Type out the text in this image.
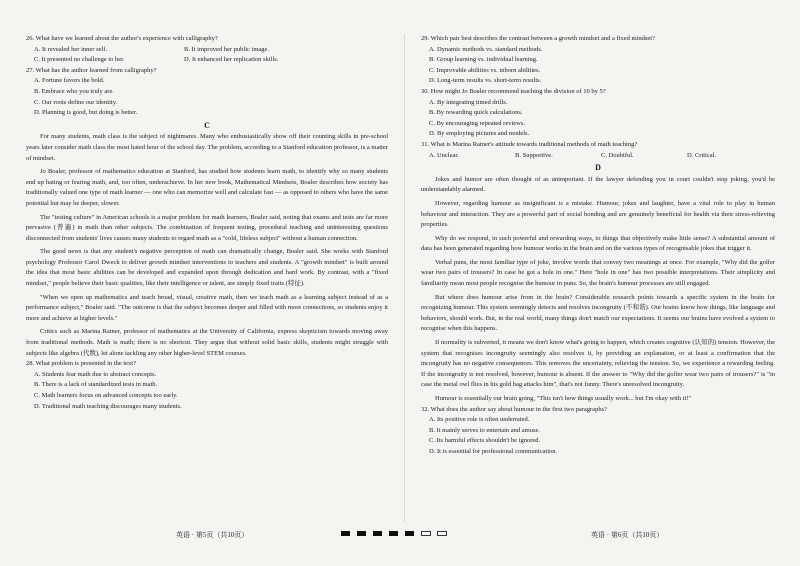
26. What have we learned about the author's experience with calligraphy?

A. It revealed her inner self.	B. It improved her public image.
C. It presented no challenge to her.	D. It enhanced her replication skills.

27. What has the author learned from calligraphy?

A. Fortune favors the bold.

B. Embrace who you truly are.

C. Our roots define our identity.

D. Planning is good, but doing is better.

C

For many students, math class is the subject of nightmares. Many who enthusiastically show off their counting skills in pre-school years later consider math class the most hated hour of the school day. The problem, according to a Stanford education professor, is a matter of mindset.

Jo Boaler, professor of mathematics education at Stanford, has studied how students learn math, to identify why so many students end up hating or fearing math, and, too often, underachieve. In her new book, Mathematical Mindsets, Boaler describes how society has traditionally valued one type of math learner — one who can memorize well and calculate fast — as opposed to others who have the same potential but may be deeper, slower.

The "testing culture" in American schools is a major problem for math learners, Boaler said, noting that exams and tests are far more pervasive (普遍) in math than other subjects. The combination of frequent testing, procedural teaching and uninteresting questions disconnected from students' lives causes many students to regard math as a "cold, lifeless subject" without a human connection.

The good news is that any student's negative perception of math can dramatically change, Boaler said. She works with Stanford psychology Professor Carol Dweck to deliver growth mindset interventions to teachers and students. A "growth mindset" is built around the idea that most basic abilities can be developed and expanded upon through dedication and hard work. By contrast, with a "fixed mindset," people believe their basic qualities, like their intelligence or talent, are simply fixed traits (特征).

"When we open up mathematics and teach broad, visual, creative math, then we teach math as a learning subject instead of as a performance subject," Boaler said. "The outcome is that the subject becomes deeper and filled with more connections, so students enjoy it more and achieve at higher levels."

Critics such as Marina Ratner, professor of mathematics at the University of California, express skepticism towards moving away from traditional methods. Math is math; there is no shortcut. They argue that without solid basic skills, students might struggle with subjects like algebra (代数), let alone tackling any other higher-level STEM courses.

28. What problem is presented in the text?

A. Students fear math due to abstract concepts.

B. There is a lack of standardized tests in math.

C. Math learners focus on advanced concepts too early.

D. Traditional math teaching discourages many students.

29. Which pair best describes the contrast between a growth mindset and a fixed mindset?

A. Dynamic methods vs. standard methods.

B. Group learning vs. individual learning.

C. Improvable abilities vs. inborn abilities.

D. Long-term results vs. short-term results.

30. How might Jo Boaler recommend teaching the division of 10 by 5?

A. By integrating timed drills.

B. By rewarding quick calculations.

C. By encouraging repeated reviews.

D. By employing pictures and models.

31. What is Marina Ratner's attitude towards traditional methods of math teaching?

A. Unclear.	B. Supportive.	C. Doubtful.	D. Critical.
D

Jokes and humor are often thought of as unimportant. If the lawyer defending you in court couldn't stop joking, you'd be understandably alarmed.

However, regarding humour as insignificant is a mistake. Humour, jokes and laughter, have a vital role to play in human behaviour and interaction. They are a powerful part of social bonding and are genuinely beneficial for health via their stress-relieving properties.

Why do we respond, in such powerful and rewarding ways, to things that objectively make little sense? A substantial amount of data has been generated regarding how humour works in the brain and on the various types of recognisable jokes that trigger it.

Verbal puns, the most familiar type of joke, involve words that convey two meanings at once. For example, "Why did the golfer wear two pairs of trousers? In case he got a hole in one." Here "hole in one" has two possible interpretations. Their simplicity and familiarity mean most people recognise the humour in puns. So, the brain's humour processes are still engaged.

But where does humour arise from in the brain? Considerable research points towards a specific system in the brain for recognizing humour. This system seemingly detects and resolves incongruity (不和谐). Our brains know how things, like language and behaviors, should work. But, in the real world, many things don't match our expectations. It seems our brains have evolved a system to recognise when this happens.

If normality is subverted, it means we don't know what's going to happen, which creates cognitive (认知的) tension. However, the system that recognises incongruity seemingly also resolves it, by providing an explanation, or at least a confirmation that the incongruity has no negative consequences. This removes the uncertainty, relieving the tension. So, we experience a rewarding feeling. If the incongruity is not resolved, however, humour is absent. If the answer to "Why did the golfer wear two pairs of trousers?" is "in case the metal owl flies in his gold bag attacks him", that's not funny. There's unresolved incongruity.

Humour is essentially our brain going, "This isn't how things usually work... but I'm okay with it!"

32. What does the author say about humour in the first two paragraphs?

A. Its positive role is often underrated.

B. It mainly serves to entertain and amuse.

C. Its harmful effects shouldn't be ignored.

D. It is essential for professional communication.

英语 · 第5页（共10页）	英语 · 第6页（共10页）
